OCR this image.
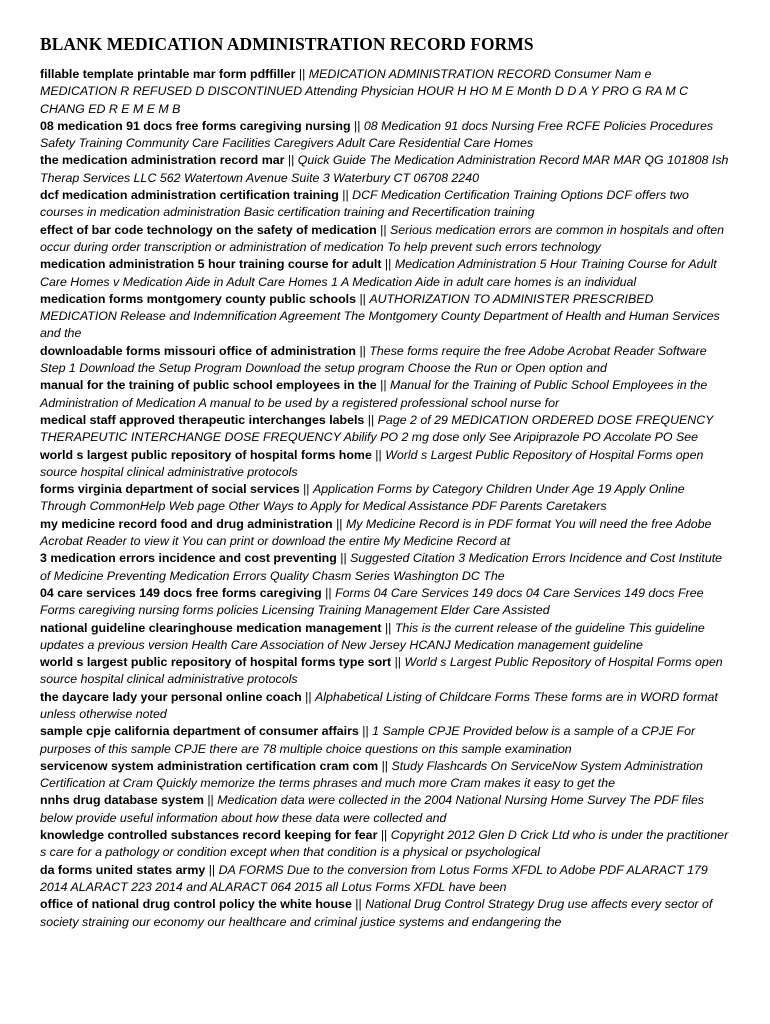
BLANK MEDICATION ADMINISTRATION RECORD FORMS
fillable template printable mar form pdffiller || MEDICATION ADMINISTRATION RECORD Consumer Nam e MEDICATION R REFUSED D DISCONTINUED Attending Physician HOUR H HO M E Month D D A Y PRO G RA M C CHANG ED R E M E M B
08 medication 91 docs free forms caregiving nursing || 08 Medication 91 docs Nursing Free RCFE Policies Procedures Safety Training Community Care Facilities Caregivers Adult Care Residential Care Homes
the medication administration record mar || Quick Guide The Medication Administration Record MAR MAR QG 101808 Ish Therap Services LLC 562 Watertown Avenue Suite 3 Waterbury CT 06708 2240
dcf medication administration certification training || DCF Medication Certification Training Options DCF offers two courses in medication administration Basic certification training and Recertification training
effect of bar code technology on the safety of medication || Serious medication errors are common in hospitals and often occur during order transcription or administration of medication To help prevent such errors technology
medication administration 5 hour training course for adult || Medication Administration 5 Hour Training Course for Adult Care Homes v Medication Aide in Adult Care Homes 1 A Medication Aide in adult care homes is an individual
medication forms montgomery county public schools || AUTHORIZATION TO ADMINISTER PRESCRIBED MEDICATION Release and Indemnification Agreement The Montgomery County Department of Health and Human Services and the
downloadable forms missouri office of administration || These forms require the free Adobe Acrobat Reader Software Step 1 Download the Setup Program Download the setup program Choose the Run or Open option and
manual for the training of public school employees in the || Manual for the Training of Public School Employees in the Administration of Medication A manual to be used by a registered professional school nurse for
medical staff approved therapeutic interchanges labels || Page 2 of 29 MEDICATION ORDERED DOSE FREQUENCY THERAPEUTIC INTERCHANGE DOSE FREQUENCY Abilify PO 2 mg dose only See Aripiprazole PO Accolate PO See
world s largest public repository of hospital forms home || World s Largest Public Repository of Hospital Forms open source hospital clinical administrative protocols
forms virginia department of social services || Application Forms by Category Children Under Age 19 Apply Online Through CommonHelp Web page Other Ways to Apply for Medical Assistance PDF Parents Caretakers
my medicine record food and drug administration || My Medicine Record is in PDF format You will need the free Adobe Acrobat Reader to view it You can print or download the entire My Medicine Record at
3 medication errors incidence and cost preventing || Suggested Citation 3 Medication Errors Incidence and Cost Institute of Medicine Preventing Medication Errors Quality Chasm Series Washington DC The
04 care services 149 docs free forms caregiving || Forms 04 Care Services 149 docs 04 Care Services 149 docs Free Forms caregiving nursing forms policies Licensing Training Management Elder Care Assisted
national guideline clearinghouse medication management || This is the current release of the guideline This guideline updates a previous version Health Care Association of New Jersey HCANJ Medication management guideline
world s largest public repository of hospital forms type sort || World s Largest Public Repository of Hospital Forms open source hospital clinical administrative protocols
the daycare lady your personal online coach || Alphabetical Listing of Childcare Forms These forms are in WORD format unless otherwise noted
sample cpje california department of consumer affairs || 1 Sample CPJE Provided below is a sample of a CPJE For purposes of this sample CPJE there are 78 multiple choice questions on this sample examination
servicenow system administration certification cram com || Study Flashcards On ServiceNow System Administration Certification at Cram Quickly memorize the terms phrases and much more Cram makes it easy to get the
nnhs drug database system || Medication data were collected in the 2004 National Nursing Home Survey The PDF files below provide useful information about how these data were collected and
knowledge controlled substances record keeping for fear || Copyright 2012 Glen D Crick Ltd who is under the practitioner s care for a pathology or condition except when that condition is a physical or psychological
da forms united states army || DA FORMS Due to the conversion from Lotus Forms XFDL to Adobe PDF ALARACT 179 2014 ALARACT 223 2014 and ALARACT 064 2015 all Lotus Forms XFDL have been
office of national drug control policy the white house || National Drug Control Strategy Drug use affects every sector of society straining our economy our healthcare and criminal justice systems and endangering the
